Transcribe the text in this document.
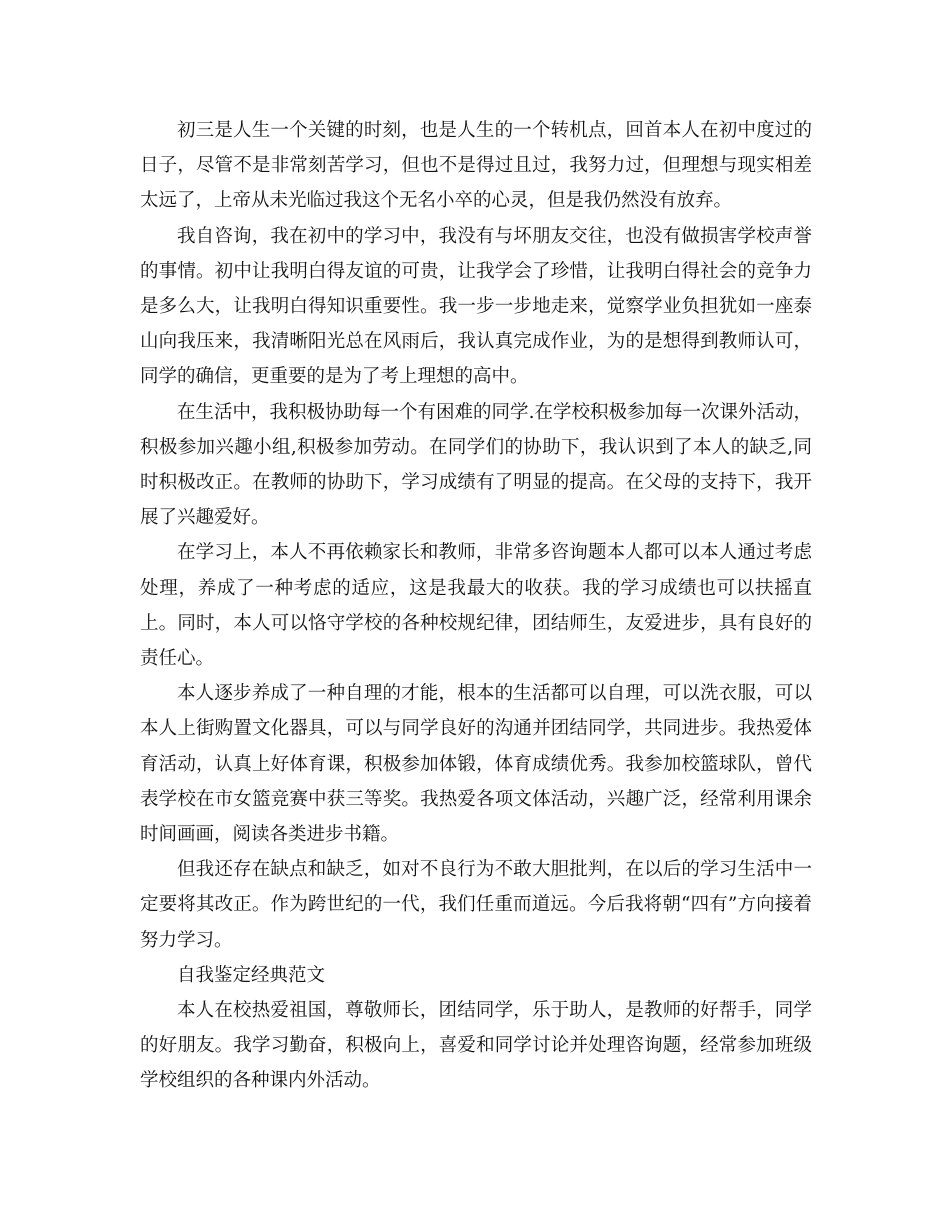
初三是人生一个关键的时刻，也是人生的一个转机点，回首本人在初中度过的日子，尽管不是非常刻苦学习，但也不是得过且过，我努力过，但理想与现实相差太远了，上帝从未光临过我这个无名小卒的心灵，但是我仍然没有放弃。

我自咨询，我在初中的学习中，我没有与坏朋友交往，也没有做损害学校声誉的事情。初中让我明白得友谊的可贵，让我学会了珍惜，让我明白得社会的竞争力是多么大，让我明白得知识重要性。我一步一步地走来，觉察学业负担犹如一座泰山向我压来，我清晰阳光总在风雨后，我认真完成作业，为的是想得到教师认可，同学的确信，更重要的是为了考上理想的高中。

在生活中，我积极协助每一个有困难的同学.在学校积极参加每一次课外活动，积极参加兴趣小组,积极参加劳动。在同学们的协助下，我认识到了本人的缺乏,同时积极改正。在教师的协助下，学习成绩有了明显的提高。在父母的支持下，我开展了兴趣爱好。

在学习上，本人不再依赖家长和教师，非常多咨询题本人都可以本人通过考虑处理，养成了一种考虑的适应，这是我最大的收获。我的学习成绩也可以扶摇直上。同时，本人可以恪守学校的各种校规纪律，团结师生，友爱进步，具有良好的责任心。

本人逐步养成了一种自理的才能，根本的生活都可以自理，可以洗衣服，可以本人上街购置文化器具，可以与同学良好的沟通并团结同学，共同进步。我热爱体育活动，认真上好体育课，积极参加体锻，体育成绩优秀。我参加校篮球队，曾代表学校在市女篮竞赛中获三等奖。我热爱各项文体活动，兴趣广泛，经常利用课余时间画画，阅读各类进步书籍。

但我还存在缺点和缺乏，如对不良行为不敢大胆批判，在以后的学习生活中一定要将其改正。作为跨世纪的一代，我们任重而道远。今后我将朝“四有”方向接着努力学习。

自我鉴定经典范文

本人在校热爱祖国，尊敬师长，团结同学，乐于助人，是教师的好帮手，同学的好朋友。我学习勤奋，积极向上，喜爱和同学讨论并处理咨询题，经常参加班级学校组织的各种课内外活动。
